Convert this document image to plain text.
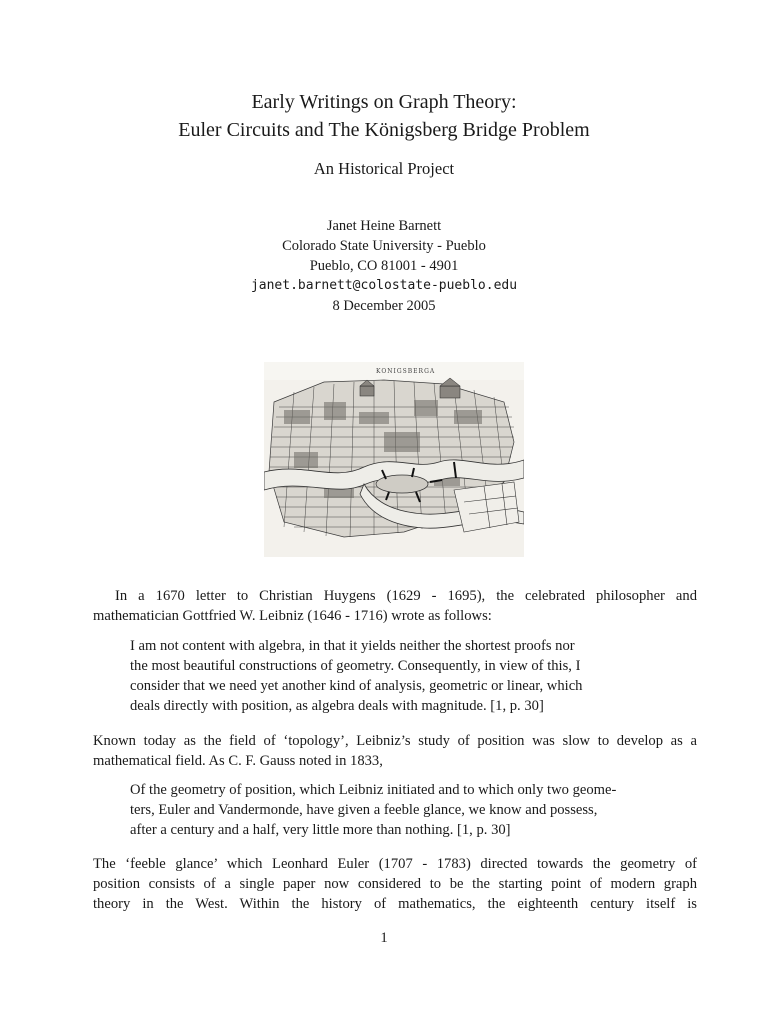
Early Writings on Graph Theory:
Euler Circuits and The Königsberg Bridge Problem
An Historical Project
Janet Heine Barnett
Colorado State University - Pueblo
Pueblo, CO 81001 - 4901
janet.barnett@colostate-pueblo.edu
8 December 2005
KONIGSBERGA
In a 1670 letter to Christian Huygens (1629 - 1695), the celebrated philosopher and
mathematician Gottfried W. Leibniz (1646 - 1716) wrote as follows:
I am not content with algebra, in that it yields neither the shortest proofs nor
the most beautiful constructions of geometry. Consequently, in view of this, I
consider that we need yet another kind of analysis, geometric or linear, which
deals directly with position, as algebra deals with magnitude. [1, p. 30]
Known today as the field of ‘topology’, Leibniz’s study of position was slow to develop as a
mathematical field. As C. F. Gauss noted in 1833,
Of the geometry of position, which Leibniz initiated and to which only two geome-
ters, Euler and Vandermonde, have given a feeble glance, we know and possess,
after a century and a half, very little more than nothing. [1, p. 30]
The ‘feeble glance’ which Leonhard Euler (1707 - 1783) directed towards the geometry of
position consists of a single paper now considered to be the starting point of modern graph
theory in the West. Within the history of mathematics, the eighteenth century itself is
1
